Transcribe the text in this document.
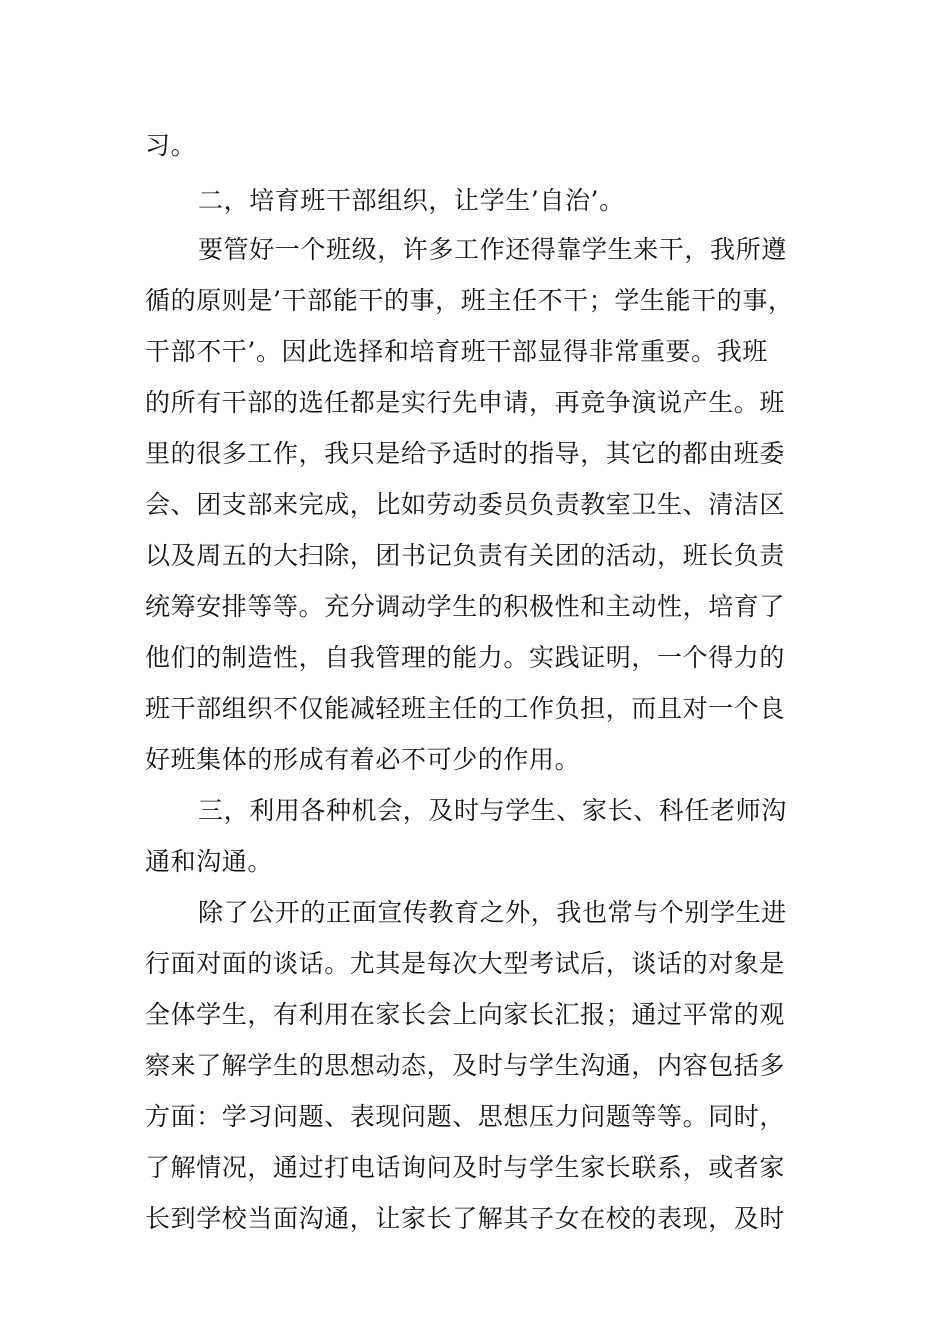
习。
二，培育班干部组织，让学生’自治’。
要管好一个班级，许多工作还得靠学生来干，我所遵
循的原则是’干部能干的事，班主任不干；学生能干的事，
干部不干’。因此选择和培育班干部显得非常重要。我班
的所有干部的选任都是实行先申请，再竞争演说产生。班
里的很多工作，我只是给予适时的指导，其它的都由班委
会、团支部来完成，比如劳动委员负责教室卫生、清洁区
以及周五的大扫除，团书记负责有关团的活动，班长负责
统筹安排等等。充分调动学生的积极性和主动性，培育了
他们的制造性，自我管理的能力。实践证明，一个得力的
班干部组织不仅能减轻班主任的工作负担，而且对一个良
好班集体的形成有着必不可少的作用。
三，利用各种机会，及时与学生、家长、科任老师沟
通和沟通。
除了公开的正面宣传教育之外，我也常与个别学生进
行面对面的谈话。尤其是每次大型考试后，谈话的对象是
全体学生，有利用在家长会上向家长汇报；通过平常的观
察来了解学生的思想动态，及时与学生沟通，内容包括多
方面：学习问题、表现问题、思想压力问题等等。同时，
了解情况，通过打电话询问及时与学生家长联系，或者家
长到学校当面沟通，让家长了解其子女在校的表现，及时
